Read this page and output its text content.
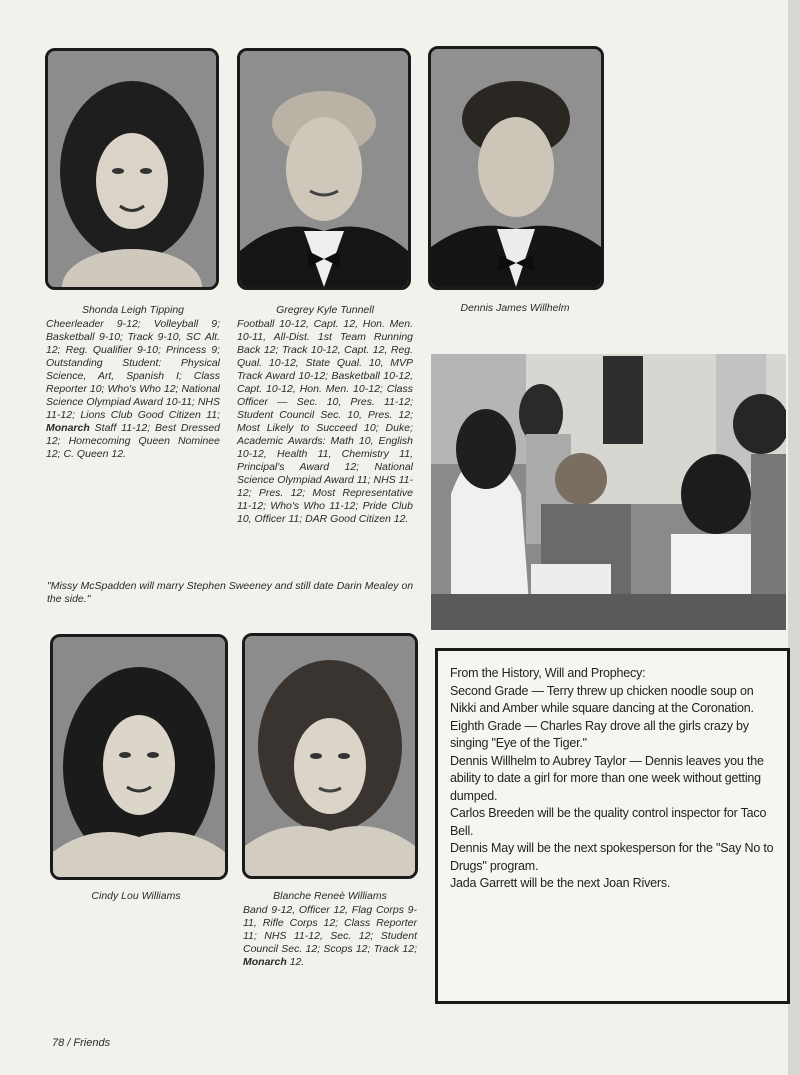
Shonda Leigh Tipping
Cheerleader 9-12; Volleyball 9; Basketball 9-10; Track 9-10, SC Alt. 12; Reg. Qualifier 9-10; Princess 9; Outstanding Student: Physical Science, Art, Spanish I; Class Reporter 10; Who's Who 12; National Science Olympiad Award 10-11; NHS 11-12; Lions Club Good Citizen 11; Monarch Staff 11-12; Best Dressed 12; Homecoming Queen Nominee 12; C. Queen 12.
Gregrey Kyle Tunnell
Football 10-12, Capt. 12, Hon. Men. 10-11, All-Dist. 1st Team Running Back 12; Track 10-12, Capt. 12, Reg. Qual. 10-12, State Qual. 10, MVP Track Award 10-12; Basketball 10-12, Capt. 10-12, Hon. Men. 10-12; Class Officer — Sec. 10, Pres. 11-12; Student Council Sec. 10, Pres. 12; Most Likely to Succeed 10; Duke; Academic Awards: Math 10, English 10-12, Health 11, Chemistry 11, Principal's Award 12; National Science Olympiad Award 11; NHS 11-12; Pres. 12; Most Representative 11-12; Who's Who 11-12; Pride Club 10, Officer 11; DAR Good Citizen 12.
Dennis James Willhelm
"Missy McSpadden will marry Stephen Sweeney and still date Darin Mealey on the side."
Cindy Lou Williams	Blanche Reneè Williams
Band 9-12, Officer 12, Flag Corps 9-11, Rifle Corps 12; Class Reporter 11; NHS 11-12, Sec. 12; Student Council Sec. 12; Scops 12; Track 12; Monarch 12.

From the History, Will and Prophecy:

Second Grade — Terry threw up chicken noodle soup on Nikki and Amber while square dancing at the Coronation.

Eighth Grade — Charles Ray drove all the girls crazy by singing "Eye of the Tiger."

Dennis Willhelm to Aubrey Taylor — Dennis leaves you the ability to date a girl for more than one week without getting dumped.

Carlos Breeden will be the quality control inspector for Taco Bell.

Dennis May will be the next spokesperson for the "Say No to Drugs" program.

Jada Garrett will be the next Joan Rivers.

78 / Friends
